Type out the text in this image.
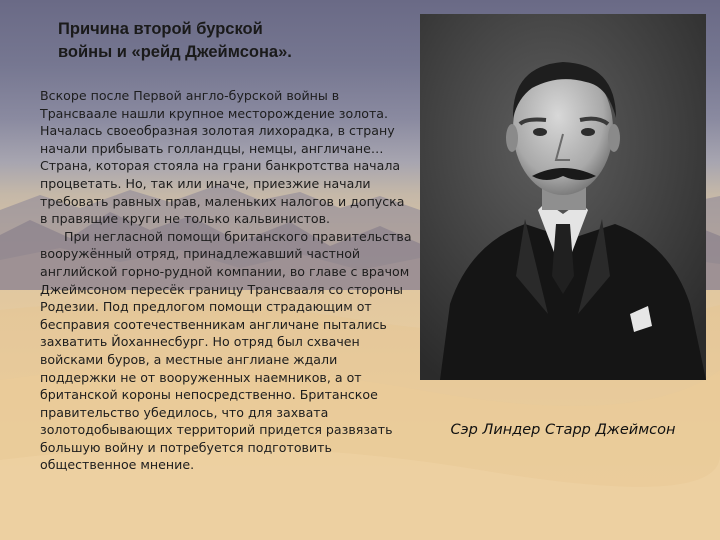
Причина второй бурской войны и «рейд Джеймсона».

Вскоре после Первой англо-бурской войны в Трансваале нашли крупное месторождение золота. Началась своеобразная золотая лихорадка, в страну начали прибывать голландцы, немцы, англичане… Страна, которая стояла на грани банкротства начала процветать. Но, так или иначе, приезжие начали требовать равных прав, маленьких налогов и допуска в правящие круги не только кальвинистов.

При негласной помощи британского правительства вооружённый отряд, принадлежавший частной английской горно-рудной компании, во главе с врачом Джеймсоном пересёк границу Трансвааля со стороны Родезии. Под предлогом помощи страдающим от бесправия соотечественникам англичане пытались захватить Йоханнесбург. Но отряд был схвачен войсками буров, а местные англиане ждали поддержки не от вооруженных наемников, а от британской короны непосредственно. Британское правительство убедилось, что для захвата золотодобывающих территорий придется развязать большую войну и потребуется подготовить общественное мнение.

Сэр Линдер Старр Джеймсон
